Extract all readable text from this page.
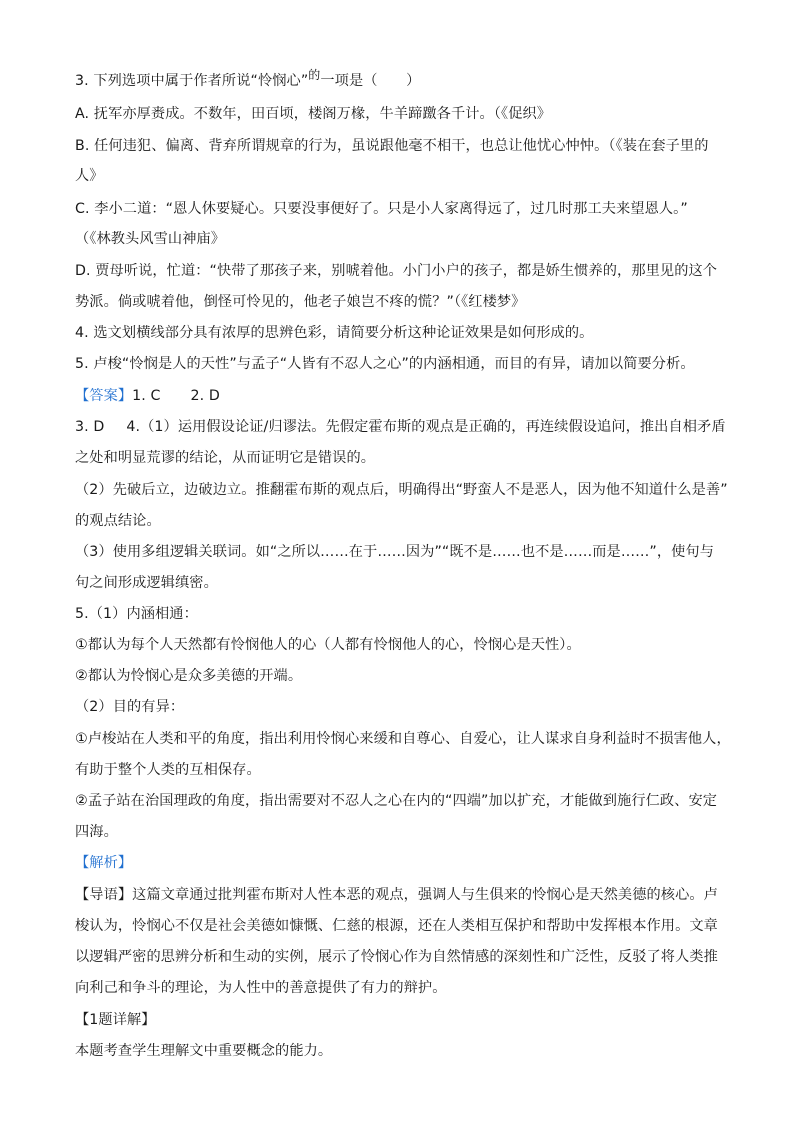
3. 下列选项中属于作者所说“怜悯心”$^的$一项是（　　）
A. 抚军亦厚赉成。不数年，田百顷，楼阁万椽，牛羊蹄躈各千计。（《促织》
B. 任何违犯、偏离、背弃所谓规章的行为，虽说跟他毫不相干，也总让他忧心忡忡。（《装在套子里的
人》
C. 李小二道：“恩人休要疑心。只要没事便好了。只是小人家离得远了，过几时那工夫来望恩人。”
（《林教头风雪山神庙》
D. 贾母听说，忙道：“快带了那孩子来，别唬着他。小门小户的孩子，都是娇生惯养的，那里见的这个
势派。倘或唬着他，倒怪可怜见的，他老子娘岂不疼的慌？”（《红楼梦》
4. 选文划横线部分具有浓厚的思辨色彩，请简要分析这种论证效果是如何形成的。
5. 卢梭“怜悯是人的天性”与孟子“人皆有不忍人之心”的内涵相通，而目的有异，请加以简要分析。
【答案】1. C 2. D
3. D 4.（1）运用假设论证/归谬法。先假定霍布斯的观点是正确的，再连续假设追问，推出自相矛盾
之处和明显荒谬的结论，从而证明它是错误的。
（2）先破后立，边破边立。推翻霍布斯的观点后，明确得出“野蛮人不是恶人，因为他不知道什么是善”
的观点结论。
（3）使用多组逻辑关联词。如“之所以……在于……因为”“既不是……也不是……而是……”，使句与
句之间形成逻辑缜密。
5.（1）内涵相通：
①都认为每个人天然都有怜悯他人的心（人都有怜悯他人的心，怜悯心是天性）。
②都认为怜悯心是众多美德的开端。
（2）目的有异：
①卢梭站在人类和平的角度，指出利用怜悯心来缓和自尊心、自爱心，让人谋求自身利益时不损害他人，
有助于整个人类的互相保存。
②孟子站在治国理政的角度，指出需要对不忍人之心在内的“四端”加以扩充，才能做到施行仁政、安定
四海。
【解析】
【导语】这篇文章通过批判霍布斯对人性本恶的观点，强调人与生俱来的怜悯心是天然美德的核心。卢
梭认为，怜悯心不仅是社会美德如慷慨、仁慈的根源，还在人类相互保护和帮助中发挥根本作用。文章
以逻辑严密的思辨分析和生动的实例，展示了怜悯心作为自然情感的深刻性和广泛性，反驳了将人类推
向利己和争斗的理论，为人性中的善意提供了有力的辩护。
【1题详解】
本题考查学生理解文中重要概念的能力。
